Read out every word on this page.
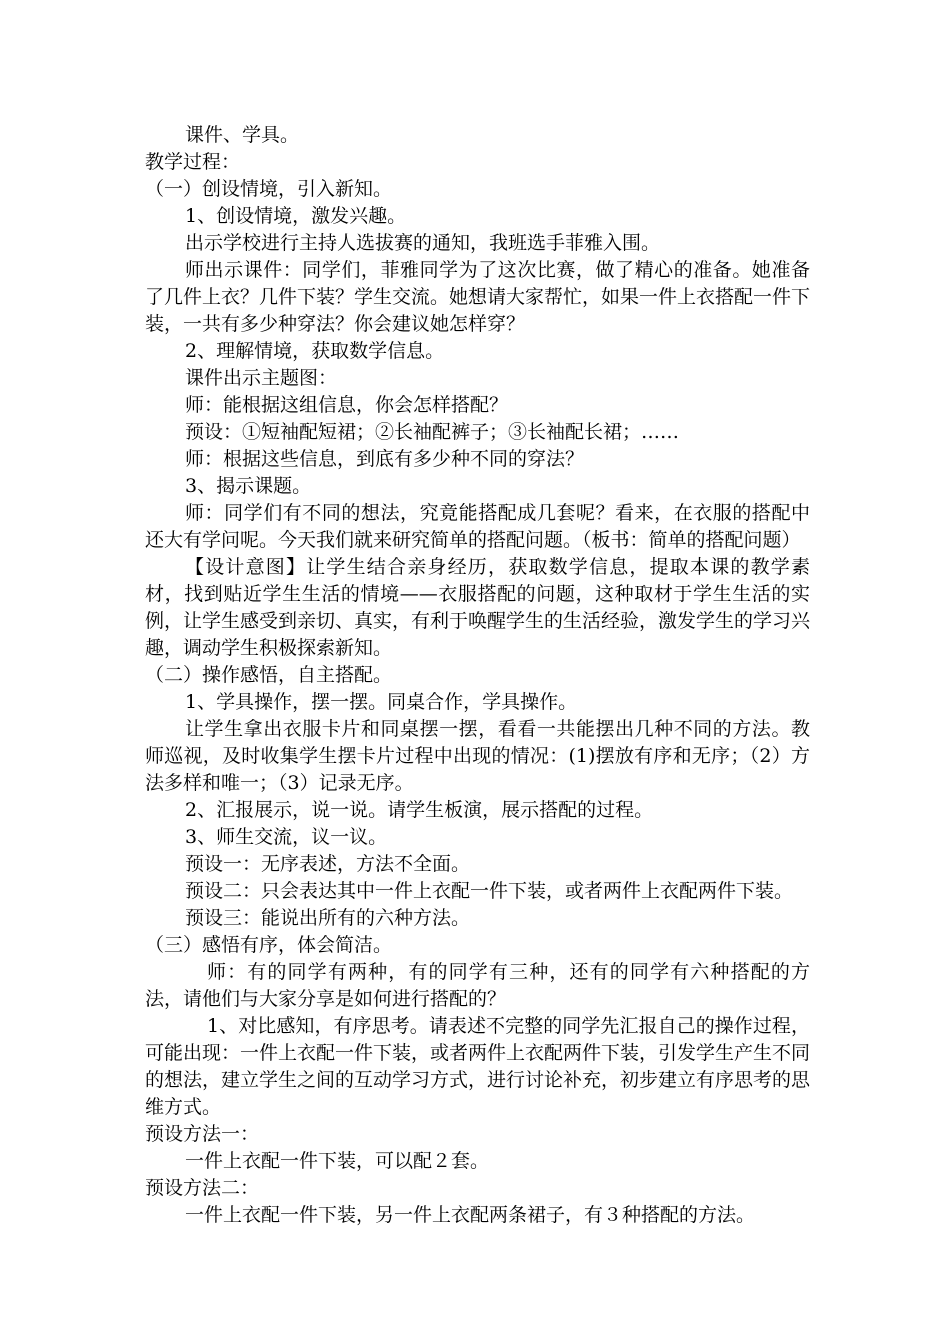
课件、学具。

教学过程：

（一）创设情境，引入新知。

1、创设情境，激发兴趣。

出示学校进行主持人选拔赛的通知，我班选手菲雅入围。

师出示课件：同学们，菲雅同学为了这次比赛，做了精心的准备。她准备了几件上衣？几件下装？学生交流。她想请大家帮忙，如果一件上衣搭配一件下装，一共有多少种穿法？你会建议她怎样穿？

2、理解情境，获取数学信息。

课件出示主题图：

师：能根据这组信息，你会怎样搭配？

预设：①短袖配短裙；②长袖配裤子；③长袖配长裙；……

师：根据这些信息，到底有多少种不同的穿法？

3、揭示课题。

师：同学们有不同的想法，究竟能搭配成几套呢？看来，在衣服的搭配中还大有学问呢。今天我们就来研究简单的搭配问题。（板书：简单的搭配问题）

【设计意图】让学生结合亲身经历，获取数学信息，提取本课的教学素材，找到贴近学生生活的情境——衣服搭配的问题，这种取材于学生生活的实例，让学生感受到亲切、真实，有利于唤醒学生的生活经验，激发学生的学习兴趣，调动学生积极探索新知。

（二）操作感悟，自主搭配。

1、学具操作，摆一摆。同桌合作，学具操作。

让学生拿出衣服卡片和同桌摆一摆，看看一共能摆出几种不同的方法。教师巡视，及时收集学生摆卡片过程中出现的情况：(1)摆放有序和无序；（2）方法多样和唯一；（3）记录无序。

2、汇报展示，说一说。请学生板演，展示搭配的过程。

3、师生交流，议一议。

预设一：无序表述，方法不全面。

预设二：只会表达其中一件上衣配一件下装，或者两件上衣配两件下装。

预设三：能说出所有的六种方法。

（三）感悟有序，体会简洁。

师：有的同学有两种，有的同学有三种，还有的同学有六种搭配的方法，请他们与大家分享是如何进行搭配的？

1、对比感知，有序思考。请表述不完整的同学先汇报自己的操作过程，可能出现：一件上衣配一件下装，或者两件上衣配两件下装，引发学生产生不同的想法，建立学生之间的互动学习方式，进行讨论补充，初步建立有序思考的思维方式。

预设方法一：

一件上衣配一件下装，可以配２套。

预设方法二：

一件上衣配一件下装，另一件上衣配两条裙子，有３种搭配的方法。
